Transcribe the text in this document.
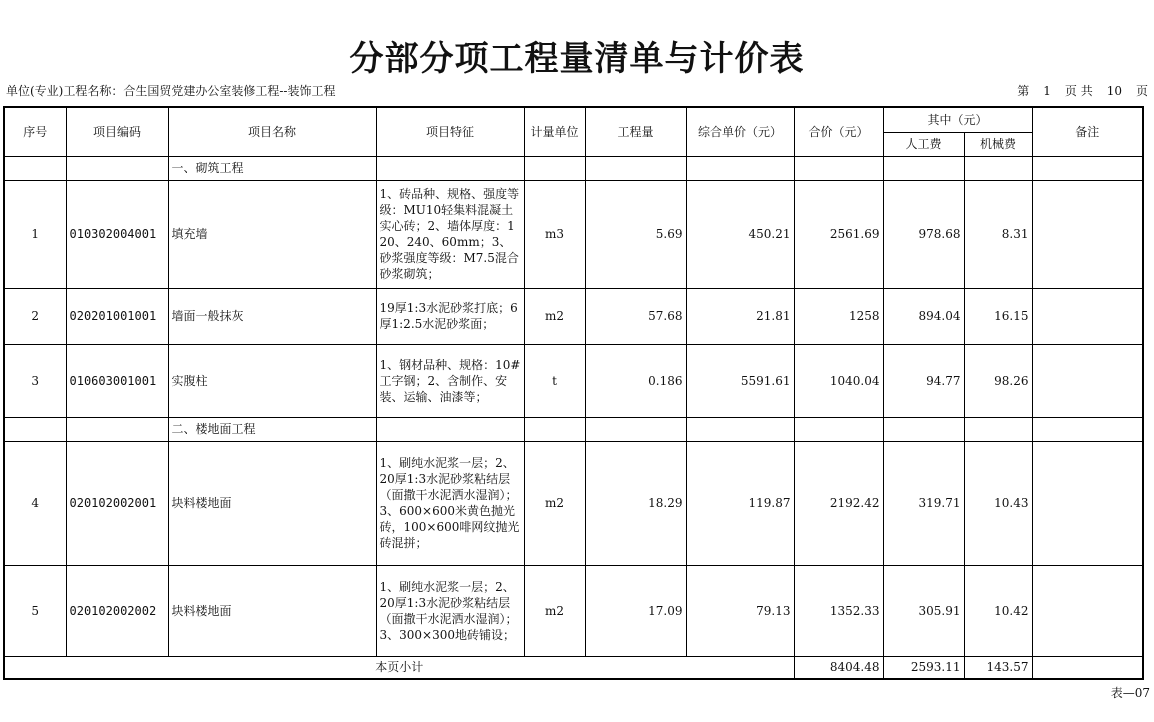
分部分项工程量清单与计价表
单位(专业)工程名称：合生国贸党建办公室装修工程--装饰工程	第 1 页 共 10 页
序号	项目编码	项目名称	项目特征	计量单位	工程量	综合单价（元）	合价（元）	其中（元）		备注
								人工费	机械费	
		一、砌筑工程								
1	010302004001	填充墙	1、砖品种、规格、强度等级：MU10轻集料混凝土实心砖；2、墙体厚度：120、240、60mm；3、砂浆强度等级：M7.5混合砂浆砌筑；	m3	5.69	450.21	2561.69	978.68	8.31	
2	020201001001	墙面一般抹灰	19厚1:3水泥砂浆打底；6厚1:2.5水泥砂浆面；	m2	57.68	21.81	1258	894.04	16.15	
3	010603001001	实腹柱	1、钢材品种、规格：10#工字钢；2、含制作、安装、运输、油漆等；	t	0.186	5591.61	1040.04	94.77	98.26	
		二、楼地面工程								
4	020102002001	块料楼地面	1、刷纯水泥浆一层；2、20厚1:3水泥砂浆粘结层（面撒干水泥洒水湿润）；3、600×600米黄色抛光砖，100×600啡网纹抛光砖混拼；	m2	18.29	119.87	2192.42	319.71	10.43	
5	020102002002	块料楼地面	1、刷纯水泥浆一层；2、20厚1:3水泥砂浆粘结层（面撒干水泥洒水湿润）；3、300×300地砖铺设；	m2	17.09	79.13	1352.33	305.91	10.42	
本页小计							8404.48	2593.11	143.57	
表—07
